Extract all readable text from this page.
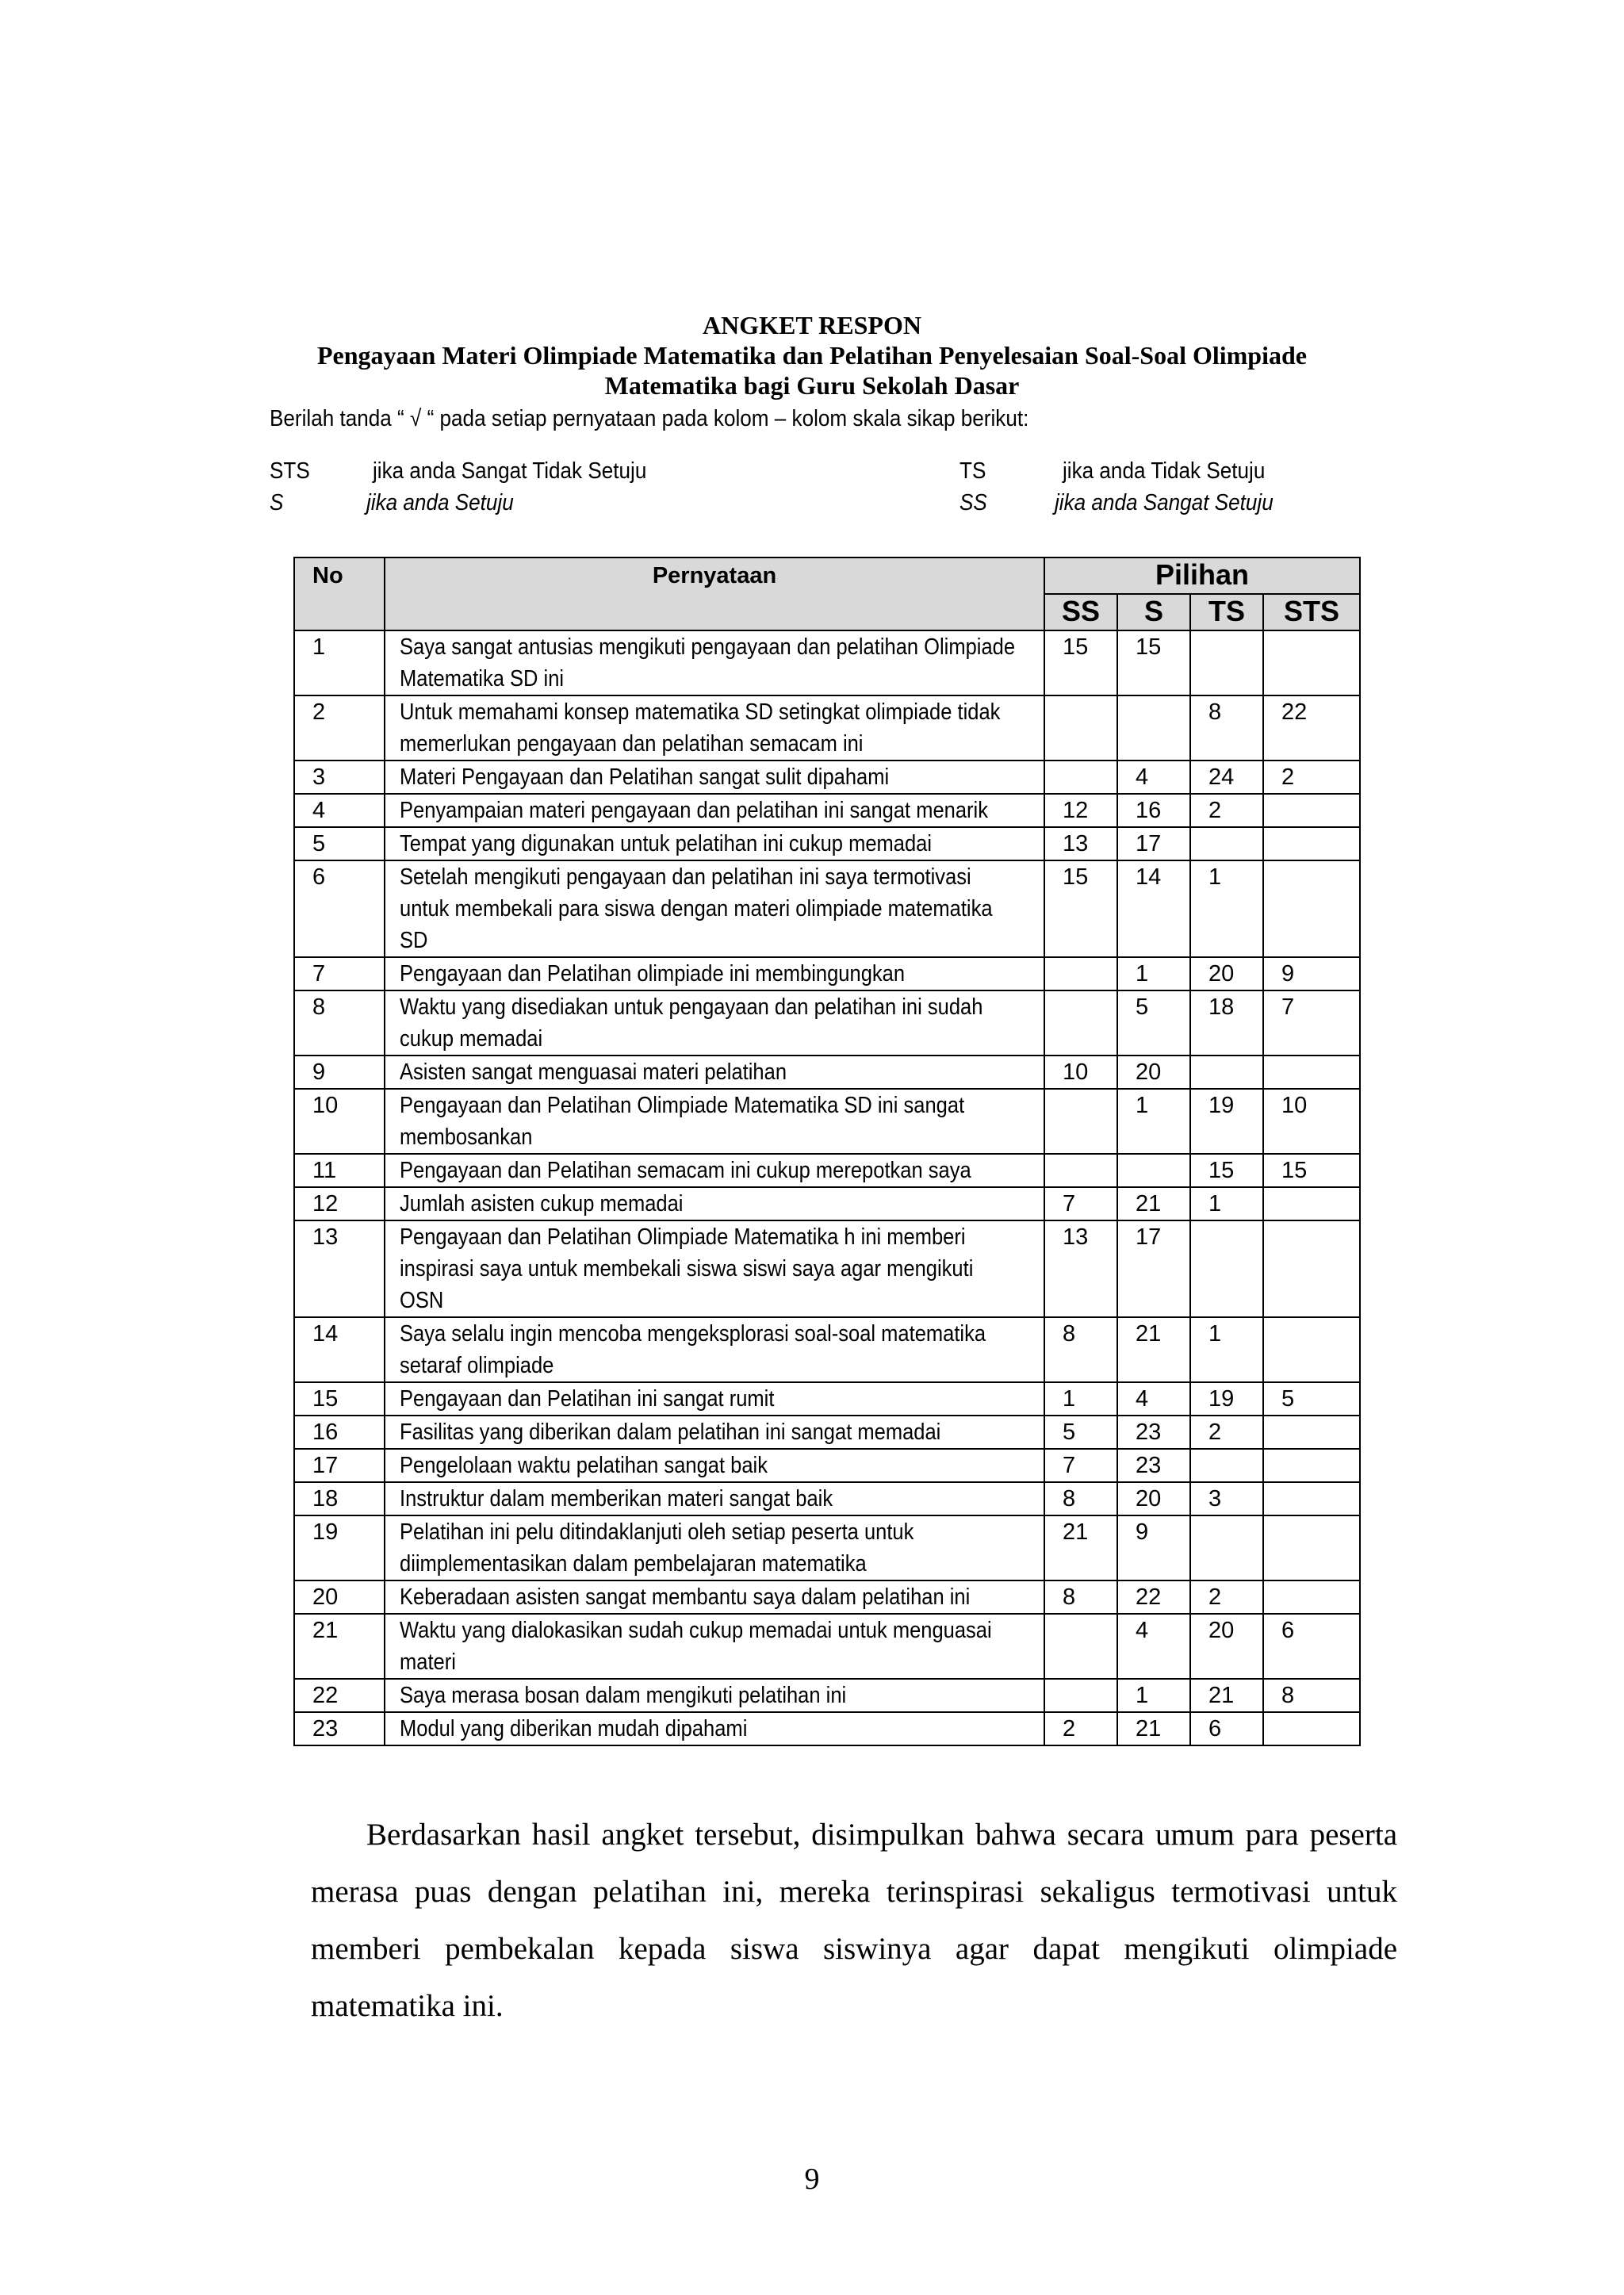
ANGKET RESPON
Pengayaan Materi Olimpiade Matematika dan Pelatihan Penyelesaian Soal-Soal Olimpiade
Matematika bagi Guru Sekolah Dasar
Berilah tanda “ √ “ pada setiap pernyataan pada kolom – kolom skala sikap berikut:
STS	jika anda Sangat Tidak Setuju	TS	jika anda Tidak Setuju
S	jika anda Setuju	SS	jika anda Sangat Setuju
No	Pernyataan	Pilihan			
		SS	S	TS	STS
1	Saya sangat antusias mengikuti pengayaan dan pelatihan Olimpiade Matematika SD ini	15	15		
2	Untuk memahami konsep matematika SD setingkat olimpiade tidak memerlukan pengayaan dan pelatihan semacam ini			8	22
3	Materi Pengayaan dan Pelatihan sangat sulit dipahami		4	24	2
4	Penyampaian materi pengayaan dan pelatihan ini sangat menarik	12	16	2	
5	Tempat yang digunakan untuk pelatihan ini cukup memadai	13	17		
6	Setelah mengikuti pengayaan dan pelatihan ini saya termotivasi untuk membekali para siswa dengan materi olimpiade matematika SD	15	14	1	
7	Pengayaan dan Pelatihan olimpiade ini membingungkan		1	20	9
8	Waktu yang disediakan untuk pengayaan dan pelatihan ini sudah cukup memadai		5	18	7
9	Asisten sangat menguasai materi pelatihan	10	20		
10	Pengayaan dan Pelatihan Olimpiade Matematika SD ini sangat membosankan		1	19	10
11	Pengayaan dan Pelatihan semacam ini cukup merepotkan saya			15	15
12	Jumlah asisten cukup memadai	7	21	1	
13	Pengayaan dan Pelatihan Olimpiade Matematika h ini memberi inspirasi saya untuk membekali siswa siswi saya agar mengikuti OSN	13	17		
14	Saya selalu ingin mencoba mengeksplorasi soal-soal matematika setaraf olimpiade	8	21	1	
15	Pengayaan dan Pelatihan ini sangat rumit	1	4	19	5
16	Fasilitas yang diberikan dalam pelatihan ini sangat memadai	5	23	2	
17	Pengelolaan waktu pelatihan sangat baik	7	23		
18	Instruktur dalam memberikan materi sangat baik	8	20	3	
19	Pelatihan ini pelu ditindaklanjuti oleh setiap peserta untuk diimplementasikan dalam pembelajaran matematika	21	9		
20	Keberadaan asisten sangat membantu saya dalam pelatihan ini	8	22	2	
21	Waktu yang dialokasikan sudah cukup memadai untuk menguasai materi		4	20	6
22	Saya merasa bosan dalam mengikuti pelatihan ini		1	21	8
23	Modul yang diberikan mudah dipahami	2	21	6	

Berdasarkan hasil angket tersebut, disimpulkan bahwa secara umum para peserta merasa puas dengan pelatihan ini, mereka terinspirasi sekaligus termotivasi untuk memberi pembekalan kepada siswa siswinya agar dapat mengikuti olimpiade matematika ini.

9
